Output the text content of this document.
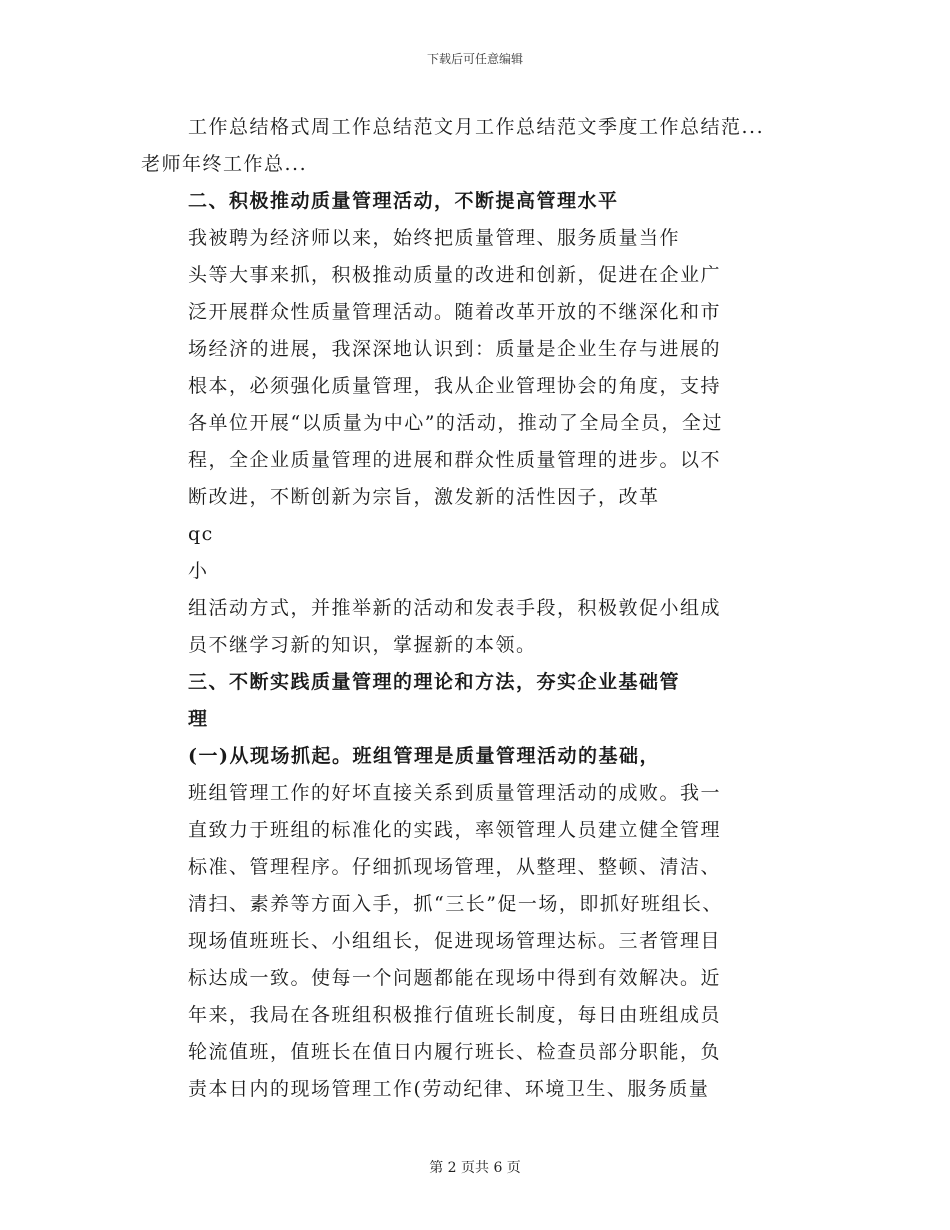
下载后可任意编辑
工作总结格式周工作总结范文月工作总结范文季度工作总结范...
老师年终工作总...
二、积极推动质量管理活动，不断提高管理水平
我被聘为经济师以来，始终把质量管理、服务质量当作
头等大事来抓，积极推动质量的改进和创新，促进在企业广
泛开展群众性质量管理活动。随着改革开放的不继深化和市
场经济的进展，我深深地认识到：质量是企业生存与进展的
根本，必须强化质量管理，我从企业管理协会的角度，支持
各单位开展“以质量为中心”的活动，推动了全局全员，全过
程，全企业质量管理的进展和群众性质量管理的进步。以不
断改进，不断创新为宗旨，激发新的活性因子，改革
qc
小
组活动方式，并推举新的活动和发表手段，积极敦促小组成
员不继学习新的知识，掌握新的本领。
三、不断实践质量管理的理论和方法，夯实企业基础管
理
(一)从现场抓起。班组管理是质量管理活动的基础，
班组管理工作的好坏直接关系到质量管理活动的成败。我一
直致力于班组的标准化的实践，率领管理人员建立健全管理
标准、管理程序。仔细抓现场管理，从整理、整顿、清洁、
清扫、素养等方面入手，抓“三长”促一场，即抓好班组长、
现场值班班长、小组组长，促进现场管理达标。三者管理目
标达成一致。使每一个问题都能在现场中得到有效解决。近
年来，我局在各班组积极推行值班长制度，每日由班组成员
轮流值班，值班长在值日内履行班长、检查员部分职能，负
责本日内的现场管理工作(劳动纪律、环境卫生、服务质量
第 2 页共 6 页
